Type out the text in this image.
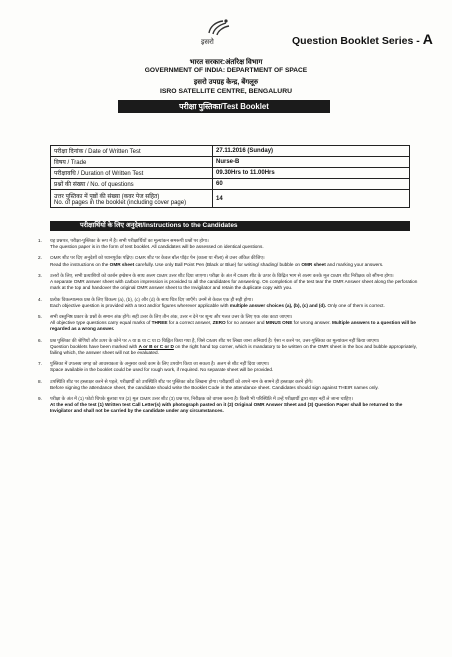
इसरो	Question Booklet Series - A
भारत सरकार:अंतरिक्ष विभाग
GOVERNMENT OF INDIA: DEPARTMENT OF SPACE
इसरो उपग्रह केन्द्र, बेंगलूरु
ISRO SATELLITE CENTRE, BENGALURU
परीक्षा पुस्तिका/Test Booklet
परीक्षा दिनांक / Date of Written Test	27.11.2016 (Sunday)
विषय / Trade	Nurse-B
परीक्षावधि / Duration of Written Test	09.30Hrs to 11.00Hrs
प्रश्नों की संख्या / No. of questions	60

उत्तर पुस्तिका में पृष्ठों की संख्या (कवर पेज सहित)
No. of pages in the booklet (including cover page)	14
परीक्षार्थियों के लिए अनुदेश/Instructions to the Candidates
1. यह प्रश्नपत्र, परीक्षा-पुस्तिका के रूप में है। सभी परीक्षार्थियों का मूल्यांकन समरूपी प्रश्नों पर होगा।

The question paper is in the form of test booklet. All candidates will be assessed on identical questions.

2. OMR शीट पर दिए अनुदेशों को ध्यानपूर्वक पढ़िए। OMR शीट पर केवल बॉल पॉइंट पेन (काला या नीला) से उत्तर अंकित कीजिए।

Read the instructions on the OMR sheet carefully. Use only Ball Point Pen (Black or Blue) for writing/ shading/ bubble on OMR sheet and marking your answers.

3. उत्तरों के लिए, सभी प्रत्याशियों को कार्बन इम्प्रेशन के साथ अलग OMR उत्तर शीट दिया जाएगा। परीक्षा के अंत में OMR शीट के ऊपर के छिद्रित भाग से अलग करके मूल OMR शीट निरीक्षक को सौंपना होगा।

A separate OMR answer sheet with carbon impression is provided to all the candidates for answering. On completion of the test tear the OMR Answer sheet along the perforation mark at the top and handover the original OMR answer sheet to the Invigilator and retain the duplicate copy with you.

4. प्रत्येक विकल्पात्मक प्रश्न के लिए विकल्प (a), (b), (c) और (d) के साथ चित्र दिए जाएँगे। उनमें से केवल एक ही सही होगा।

Each objective question is provided with a text and/or figures wherever applicable with multiple answer choices (a), (b), (c) and (d). Only one of them is correct.

5. सभी वस्तुनिष्ठ प्रकार के प्रश्नों के समान अंक होंगे। सही उत्तर के लिए तीन अंक, उत्तर न देने पर शून्य और गलत उत्तर के लिए एक अंक काटा जाएगा।

All objective type questions carry equal marks of THREE for a correct answer, ZERO for no answer and MINUS ONE for wrong answer. Multiple answers to a question will be regarded as a wrong answer.

6. प्रश्न पुस्तिका की श्रेणियों और ऊपर के कोने पर A या B या C या D चिह्नित किया गया है, जिसे OMR शीट पर लिखा जाना अनिवार्य है। ऐसा न करने पर, उत्तर-पुस्तिका का मूल्यांकन नहीं किया जाएगा।

Question booklets have been marked with A or B or C or D on the right hand top corner, which is mandatory to be written on the OMR sheet in the box and bubble appropriately, failing which, the answer sheet will not be evaluated.

7. पुस्तिका में उपलब्ध जगह को आवश्यकता के अनुसार कच्चे काम के लिए उपयोग किया जा सकता है। अलग से शीट नहीं दिया जाएगा।

Space available in the booklet could be used for rough work, if required. No separate sheet will be provided.

8. उपस्थिति शीट पर हस्ताक्षर करने से पहले, परीक्षार्थी को उपस्थिति शीट पर पुस्तिका कोड लिखना होगा। परीक्षार्थी को अपने नाम के सामने ही हस्ताक्षर करने होंगे।

Before signing the attendance sheet, the candidate should write the Booklet Code in the attendance sheet. Candidates should sign against THEIR names only.

9. परीक्षा के अंत में (1) फोटो चिपके बुलावा पत्र (2) मूल OMR उत्तर शीट (3) प्रश्न पत्र, निरीक्षक को वापस करना है। किसी भी परिस्थिति में उन्हें परीक्षार्थी द्वारा बाहर नहीं ले जाना चाहिए।

At the end of the test (1) Written test Call Letter(s) with photograph pasted on it (2) Original OMR Answer Sheet and (3) Question Paper shall be returned to the Invigilator and shall not be carried by the candidate under any circumstances.
